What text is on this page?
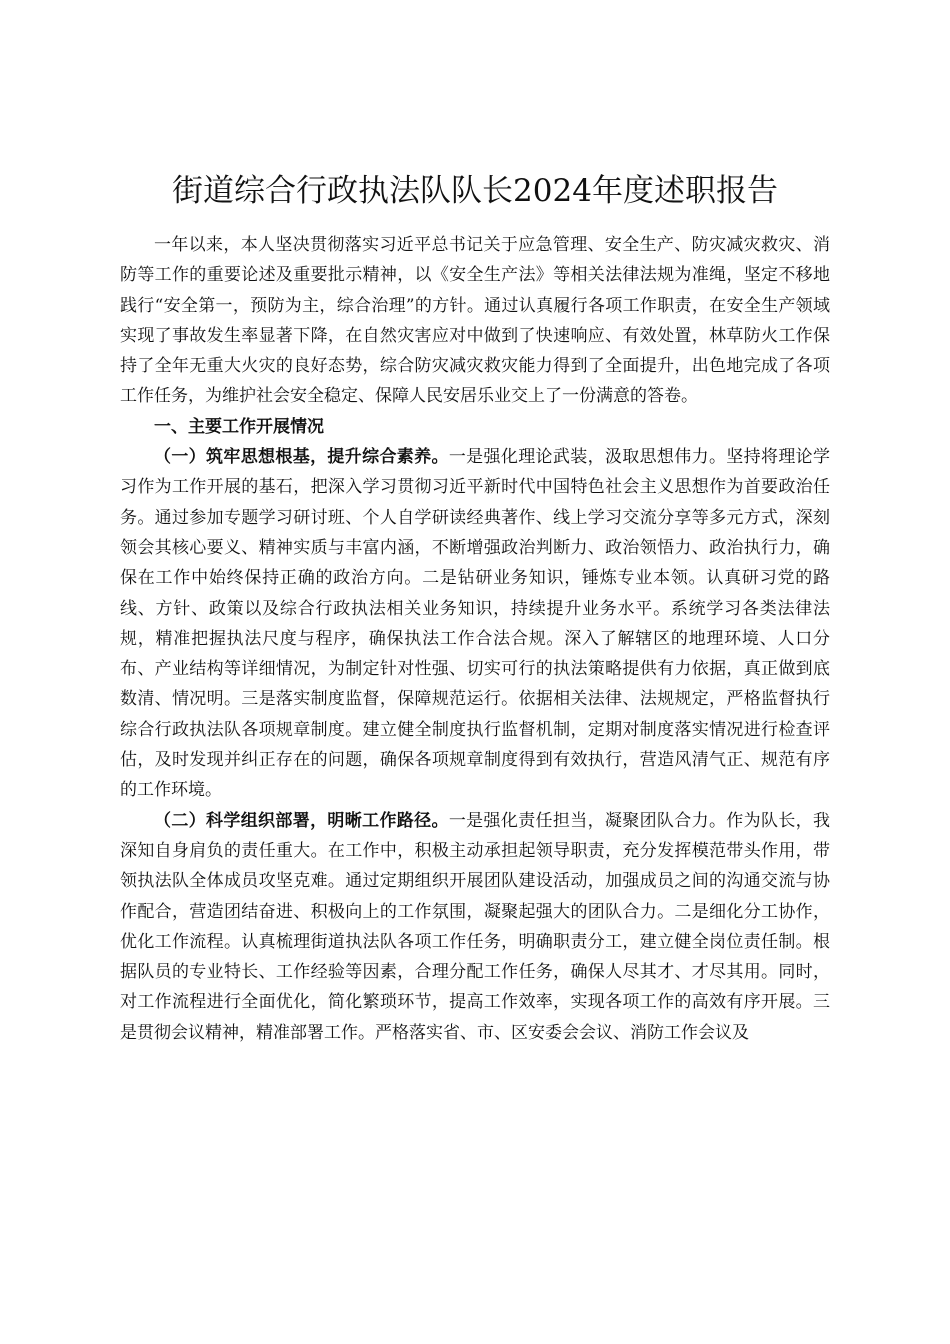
街道综合行政执法队队长2024年度述职报告

一年以来，本人坚决贯彻落实习近平总书记关于应急管理、安全生产、防灾减灾救灾、消防等工作的重要论述及重要批示精神，以《安全生产法》等相关法律法规为准绳，坚定不移地践行“安全第一，预防为主，综合治理”的方针。通过认真履行各项工作职责，在安全生产领域实现了事故发生率显著下降，在自然灾害应对中做到了快速响应、有效处置，林草防火工作保持了全年无重大火灾的良好态势，综合防灾减灾救灾能力得到了全面提升，出色地完成了各项工作任务，为维护社会安全稳定、保障人民安居乐业交上了一份满意的答卷。

一、主要工作开展情况

（一）筑牢思想根基，提升综合素养。一是强化理论武装，汲取思想伟力。坚持将理论学习作为工作开展的基石，把深入学习贯彻习近平新时代中国特色社会主义思想作为首要政治任务。通过参加专题学习研讨班、个人自学研读经典著作、线上学习交流分享等多元方式，深刻领会其核心要义、精神实质与丰富内涵，不断增强政治判断力、政治领悟力、政治执行力，确保在工作中始终保持正确的政治方向。二是钻研业务知识，锤炼专业本领。认真研习党的路线、方针、政策以及综合行政执法相关业务知识，持续提升业务水平。系统学习各类法律法规，精准把握执法尺度与程序，确保执法工作合法合规。深入了解辖区的地理环境、人口分布、产业结构等详细情况，为制定针对性强、切实可行的执法策略提供有力依据，真正做到底数清、情况明。三是落实制度监督，保障规范运行。依据相关法律、法规规定，严格监督执行综合行政执法队各项规章制度。建立健全制度执行监督机制，定期对制度落实情况进行检查评估，及时发现并纠正存在的问题，确保各项规章制度得到有效执行，营造风清气正、规范有序的工作环境。

（二）科学组织部署，明晰工作路径。一是强化责任担当，凝聚团队合力。作为队长，我深知自身肩负的责任重大。在工作中，积极主动承担起领导职责，充分发挥模范带头作用，带领执法队全体成员攻坚克难。通过定期组织开展团队建设活动，加强成员之间的沟通交流与协作配合，营造团结奋进、积极向上的工作氛围，凝聚起强大的团队合力。二是细化分工协作，优化工作流程。认真梳理街道执法队各项工作任务，明确职责分工，建立健全岗位责任制。根据队员的专业特长、工作经验等因素，合理分配工作任务，确保人尽其才、才尽其用。同时，对工作流程进行全面优化，简化繁琐环节，提高工作效率，实现各项工作的高效有序开展。三是贯彻会议精神，精准部署工作。严格落实省、市、区安委会会议、消防工作会议及
